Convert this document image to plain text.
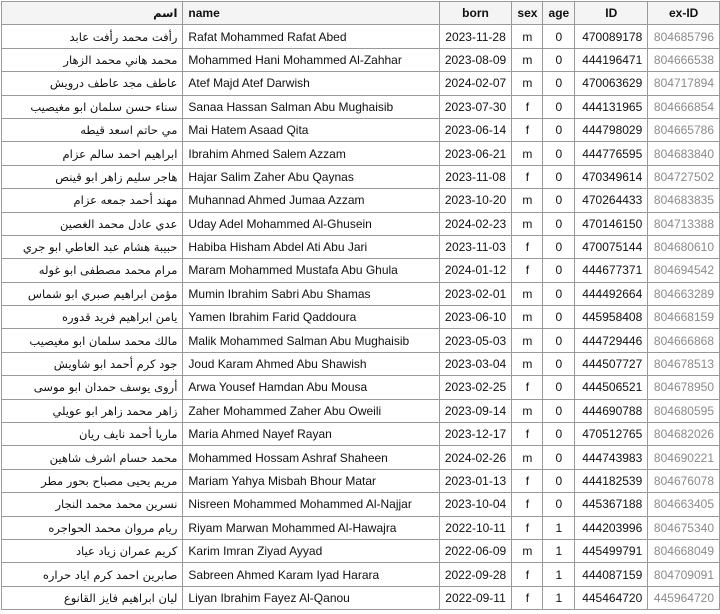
اسم	name	born	sex	age	ID	ex-ID
رأفت محمد رأفت عابد	Rafat Mohammed Rafat Abed	2023-11-28	m	0	470089178	804685796
محمد هاني محمد الزهار	Mohammed Hani Mohammed Al-Zahhar	2023-08-09	m	0	444196471	804666538
عاطف مجد عاطف درويش	Atef Majd Atef Darwish	2024-02-07	m	0	470063629	804717894
سناء حسن سلمان ابو مغيصيب	Sanaa Hassan Salman Abu Mughaisib	2023-07-30	f	0	444131965	804666854
مي حاتم اسعد قيطه	Mai Hatem Asaad Qita	2023-06-14	f	0	444798029	804665786
ابراهيم احمد سالم عزام	Ibrahim Ahmed Salem Azzam	2023-06-21	m	0	444776595	804683840
هاجر سليم زاهر ابو قينص	Hajar Salim Zaher Abu Qaynas	2023-11-08	f	0	470349614	804727502
مهند أحمد جمعه عزام	Muhannad Ahmed Jumaa Azzam	2023-10-20	m	0	470264433	804683835
عدي عادل محمد الغصين	Uday Adel Mohammed Al-Ghusein	2024-02-23	m	0	470146150	804713388
حبيبة هشام عبد العاطي ابو جري	Habiba Hisham Abdel Ati Abu Jari	2023-11-03	f	0	470075144	804680610
مرام محمد مصطفى ابو غوله	Maram Mohammed Mustafa Abu Ghula	2024-01-12	f	0	444677371	804694542
مؤمن ابراهيم صبري ابو شماس	Mumin Ibrahim Sabri Abu Shamas	2023-02-01	m	0	444492664	804663289
يامن ابراهيم فريد قدوره	Yamen Ibrahim Farid Qaddoura	2023-06-10	m	0	445958408	804668159
مالك محمد سلمان ابو مغيصيب	Malik Mohammed Salman Abu Mughaisib	2023-05-03	m	0	444729446	804666868
جود كرم أحمد ابو شاويش	Joud Karam Ahmed Abu Shawish	2023-03-04	m	0	444507727	804678513
أروى يوسف حمدان ابو موسى	Arwa Yousef Hamdan Abu Mousa	2023-02-25	f	0	444506521	804678950
زاهر محمد زاهر ابو عويلي	Zaher Mohammed Zaher Abu Oweili	2023-09-14	m	0	444690788	804680595
ماريا أحمد نايف ريان	Maria Ahmed Nayef Rayan	2023-12-17	f	0	470512765	804682026
محمد حسام اشرف شاهين	Mohammed Hossam Ashraf Shaheen	2024-02-26	m	0	444743983	804690221
مريم يحيى مصباح بحور مطر	Mariam Yahya Misbah Bhour Matar	2023-01-13	f	0	444182539	804676078
نسرين محمد محمد النجار	Nisreen Mohammed Mohammed Al-Najjar	2023-10-04	f	0	445367188	804663405
ريام مروان محمد الحواجره	Riyam Marwan Mohammed Al-Hawajra	2022-10-11	f	1	444203996	804675340
كريم عمران زياد عياد	Karim Imran Ziyad Ayyad	2022-06-09	m	1	445499791	804668049
صابرين احمد كرم اياد حراره	Sabreen Ahmed Karam Iyad Harara	2022-09-28	f	1	444087159	804709091
ليان ابراهيم فايز القانوع	Liyan Ibrahim Fayez Al-Qanou	2022-09-11	f	1	445464720	445964720
